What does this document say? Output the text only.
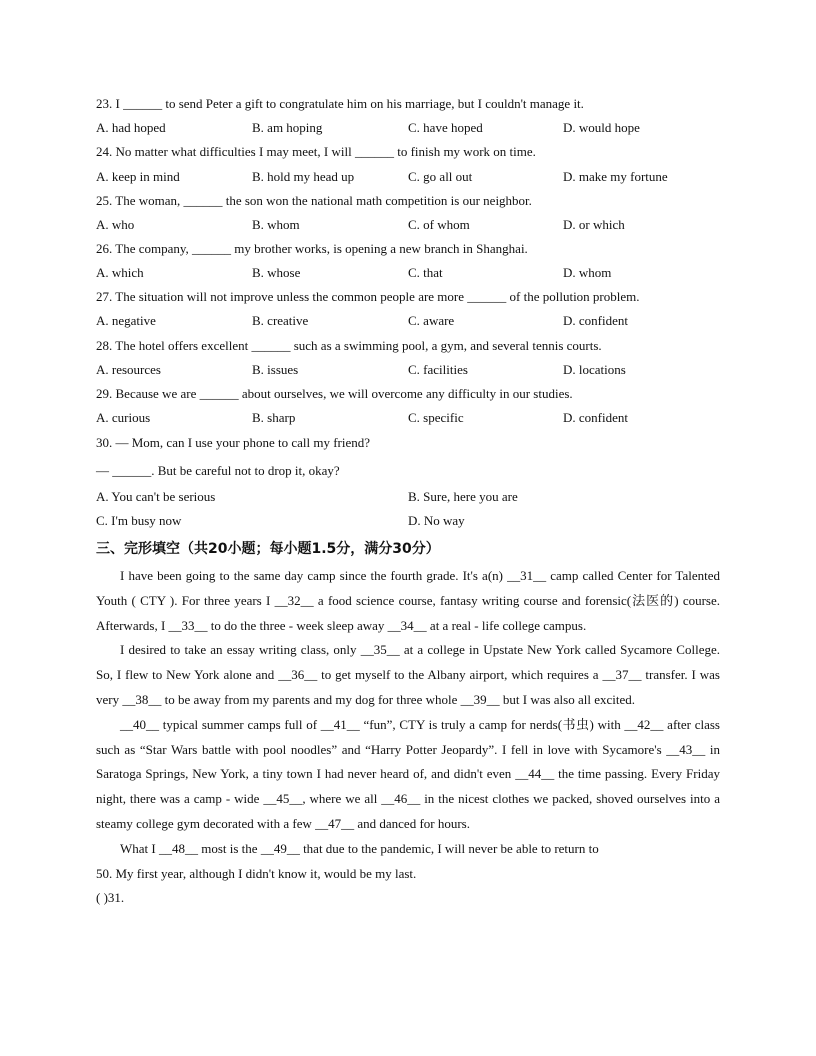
23. I ______ to send Peter a gift to congratulate him on his marriage, but I couldn't manage it.
A. had hoped	B. am hoping	C. have hoped	D. would hope
24. No matter what difficulties I may meet, I will ______ to finish my work on time.
A. keep in mind	B. hold my head up	C. go all out	D. make my fortune
25. The woman, ______ the son won the national math competition is our neighbor.
A. who	B. whom	C. of whom	D. or which
26. The company, ______ my brother works, is opening a new branch in Shanghai.
A. which	B. whose	C. that	D. whom
27. The situation will not improve unless the common people are more ______ of the pollution problem.
A. negative	B. creative	C. aware	D. confident
28. The hotel offers excellent ______ such as a swimming pool, a gym, and several tennis courts.
A. resources	B. issues	C. facilities	D. locations
29. Because we are ______ about ourselves, we will overcome any difficulty in our studies.
A. curious	B. sharp	C. specific	D. confident
30. — Mom, can I use your phone to call my friend?
— ______. But be careful not to drop it, okay?
A. You can't be serious	B. Sure, here you are
C. I'm busy now	D. No way
三、完形填空（共20小题；每小题1.5分，满分30分）

I have been going to the same day camp since the fourth grade. It's a(n) __31__ camp called Center for Talented Youth ( CTY ). For three years I __32__ a food science course, fantasy writing course and forensic(法医的) course. Afterwards, I __33__ to do the three - week sleep away __34__ at a real - life college campus.

I desired to take an essay writing class, only __35__ at a college in Upstate New York called Sycamore College. So, I flew to New York alone and __36__ to get myself to the Albany airport, which requires a __37__ transfer. I was very __38__ to be away from my parents and my dog for three whole __39__ but I was also all excited.

__40__ typical summer camps full of __41__ “fun”, CTY is truly a camp for nerds(书虫) with __42__ after class such as “Star Wars battle with pool noodles” and “Harry Potter Jeopardy”. I fell in love with Sycamore's __43__ in Saratoga Springs, New York, a tiny town I had never heard of, and didn't even __44__ the time passing. Every Friday night, there was a camp - wide __45__, where we all __46__ in the nicest clothes we packed, shoved ourselves into a steamy college gym decorated with a few __47__ and danced for hours.

What I __48__ most is the __49__ that due to the pandemic, I will never be able to return to

50. My first year, although I didn't know it, would be my last.

( )31.
